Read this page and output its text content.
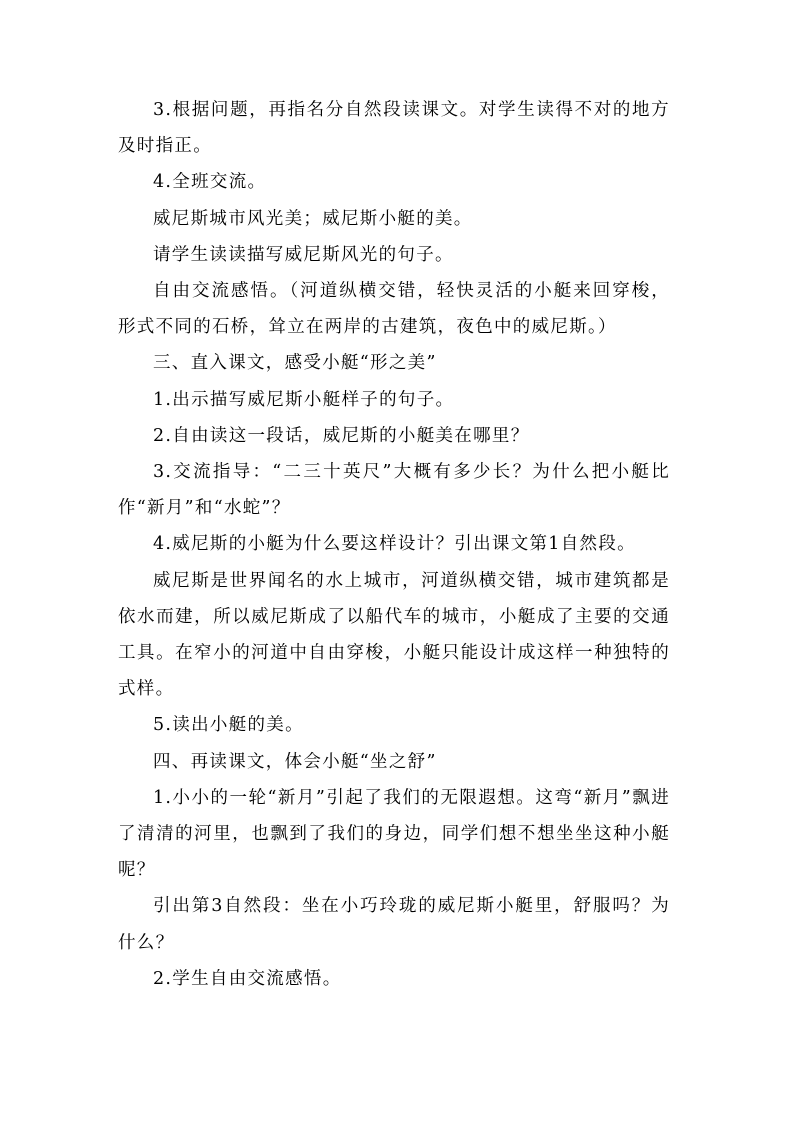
3.根据问题，再指名分自然段读课文。对学生读得不对的地方及时指正。

4.全班交流。

威尼斯城市风光美；威尼斯小艇的美。

请学生读读描写威尼斯风光的句子。

自由交流感悟。（河道纵横交错，轻快灵活的小艇来回穿梭，形式不同的石桥，耸立在两岸的古建筑，夜色中的威尼斯。）

三、直入课文，感受小艇“形之美”

1.出示描写威尼斯小艇样子的句子。

2.自由读这一段话，威尼斯的小艇美在哪里？

3.交流指导：“二三十英尺”大概有多少长？为什么把小艇比作“新月”和“水蛇”？

4.威尼斯的小艇为什么要这样设计？引出课文第1自然段。

威尼斯是世界闻名的水上城市，河道纵横交错，城市建筑都是依水而建，所以威尼斯成了以船代车的城市，小艇成了主要的交通工具。在窄小的河道中自由穿梭，小艇只能设计成这样一种独特的式样。

5.读出小艇的美。

四、再读课文，体会小艇“坐之舒”

1.小小的一轮“新月”引起了我们的无限遐想。这弯“新月”飘进了清清的河里，也飘到了我们的身边，同学们想不想坐坐这种小艇呢？

引出第3自然段：坐在小巧玲珑的威尼斯小艇里，舒服吗？为什么？

2.学生自由交流感悟。
